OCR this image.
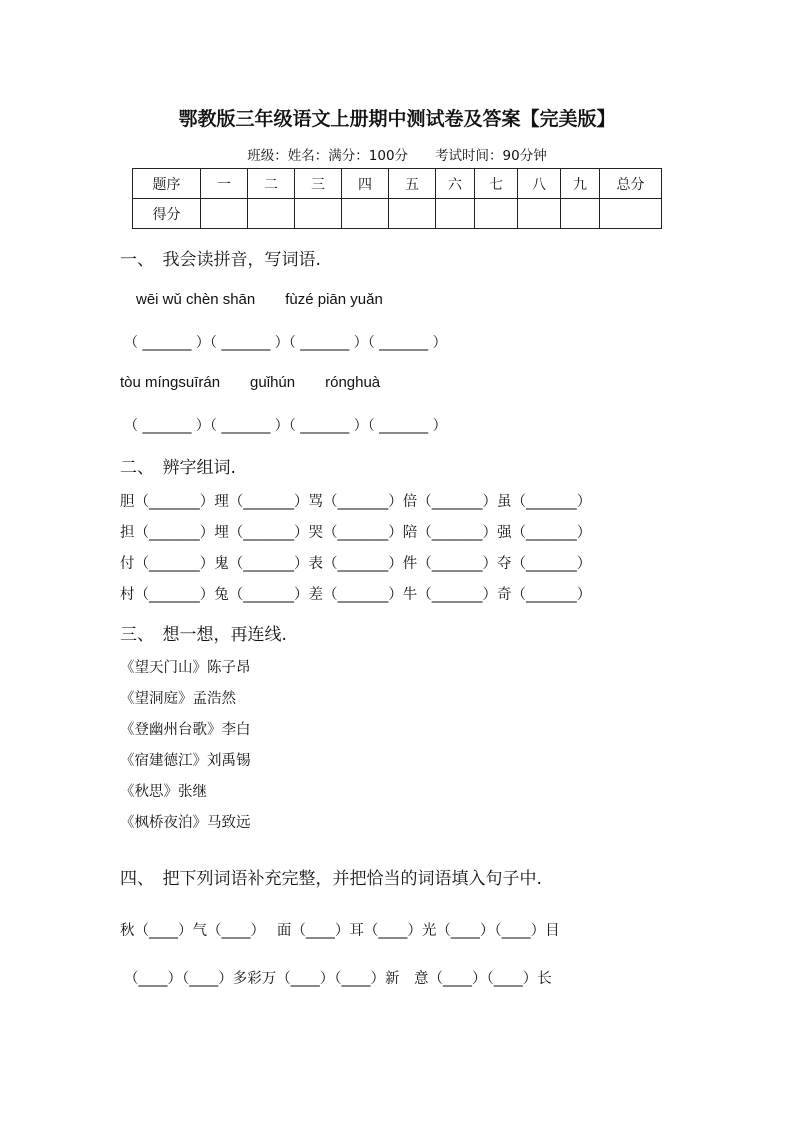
鄂教版三年级语文上册期中测试卷及答案【完美版】
班级：姓名：满分：100分　　考试时间：90分钟
题序	一	二	三	四	五	六	七	八	九	总分
得分										
一、　我会读拼音，写词语.
wēi wǔ chèn shān　　fùzé piān yuǎn
（ _______ ）（ _______ ）（ _______ ）（ _______ ）
tòu míngsuīrán　　guǐhún　　rónghuà
（ _______ ）（ _______ ）（ _______ ）（ _______ ）
二、　辨字组词.
胆（_______）理（_______）骂（_______）倍（_______）虽（_______）
担（_______）埋（_______）哭（_______）陪（_______）强（_______）
付（_______）鬼（_______）表（_______）件（_______）夺（_______）
村（_______）兔（_______）差（_______）牛（_______）奇（_______）
三、　想一想，再连线.
《望天门山》陈子昂
《望洞庭》孟浩然
《登幽州台歌》李白
《宿建德江》刘禹锡
《秋思》张继
《枫桥夜泊》马致远
四、　把下列词语补充完整，并把恰当的词语填入句子中.
秋（____）气（____）　 面（____）耳（____）光（____）（____）目
（____）（____）多彩万（____）（____）新　意（____）（____）长
